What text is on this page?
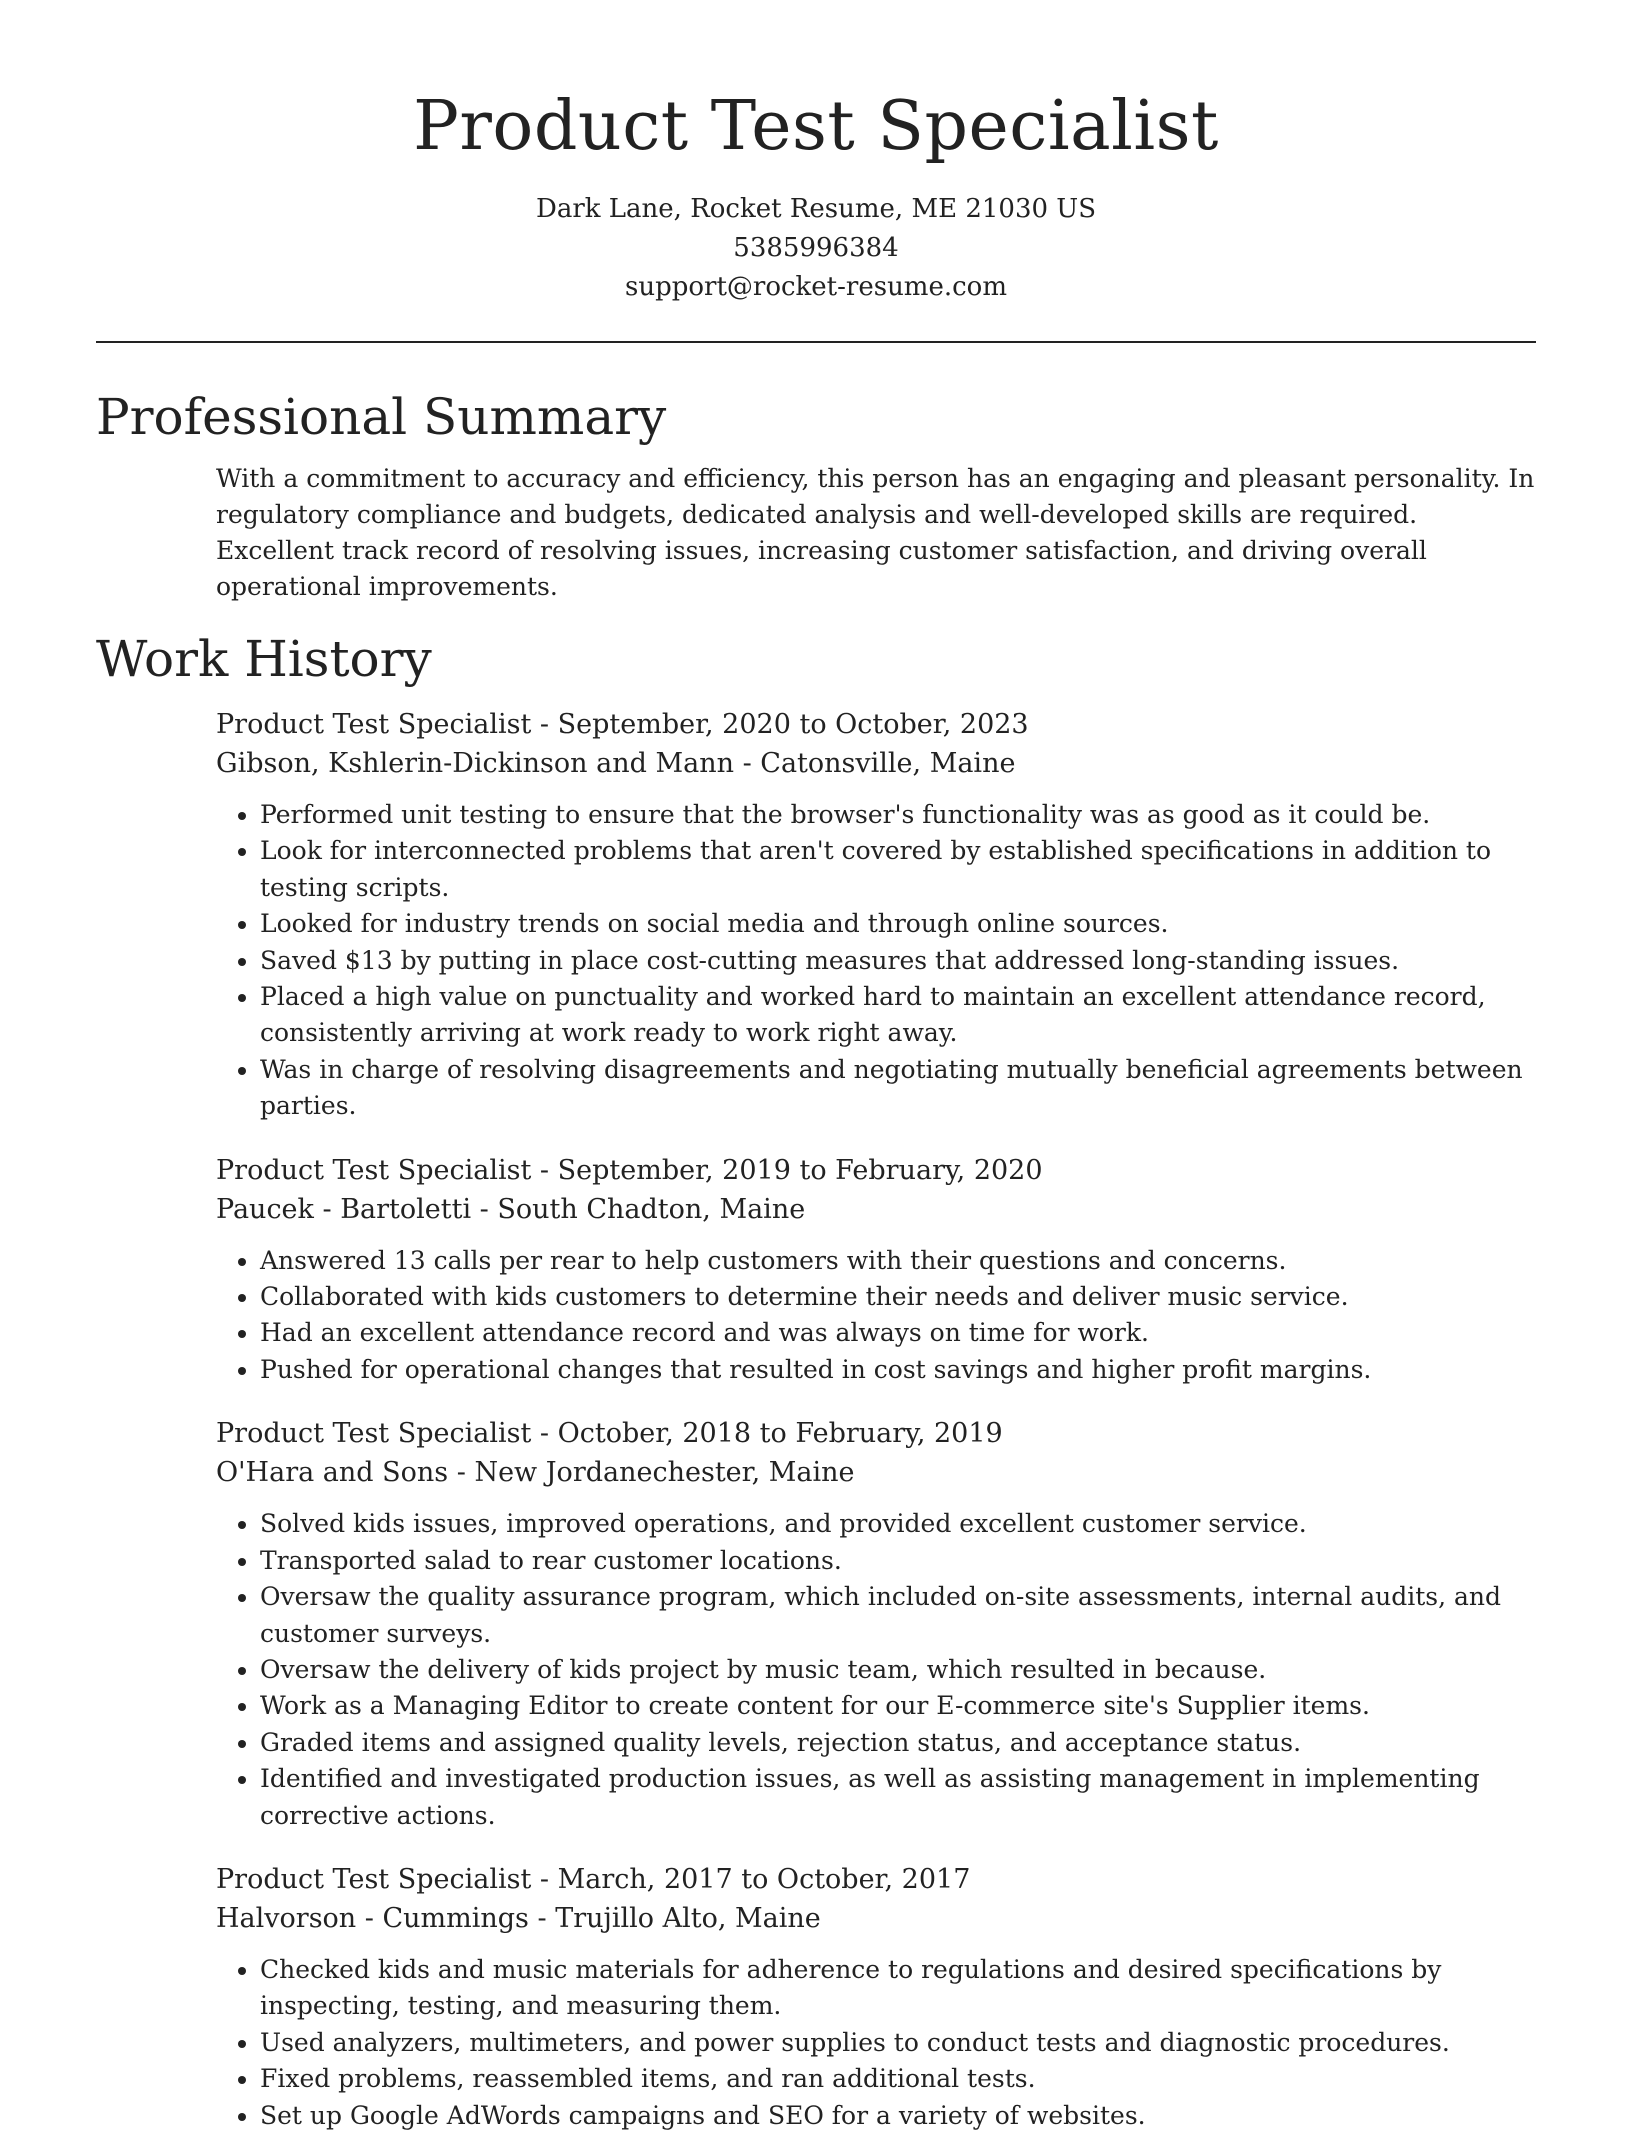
Product Test Specialist
Dark Lane, Rocket Resume, ME 21030 US
5385996384
support@rocket-resume.com
Professional Summary

With a commitment to accuracy and efficiency, this person has an engaging and pleasant personality. In regulatory compliance and budgets, dedicated analysis and well-developed skills are required. Excellent track record of resolving issues, increasing customer satisfaction, and driving overall operational improvements.

Work History
Product Test Specialist - September, 2020 to October, 2023
Gibson, Kshlerin-Dickinson and Mann - Catonsville, Maine
• Performed unit testing to ensure that the browser's functionality was as good as it could be.
• Look for interconnected problems that aren't covered by established specifications in addition to testing scripts.
• Looked for industry trends on social media and through online sources.
• Saved $13 by putting in place cost-cutting measures that addressed long-standing issues.
• Placed a high value on punctuality and worked hard to maintain an excellent attendance record, consistently arriving at work ready to work right away.
• Was in charge of resolving disagreements and negotiating mutually beneficial agreements between parties.
Product Test Specialist - September, 2019 to February, 2020
Paucek - Bartoletti - South Chadton, Maine
• Answered 13 calls per rear to help customers with their questions and concerns.
• Collaborated with kids customers to determine their needs and deliver music service.
• Had an excellent attendance record and was always on time for work.
• Pushed for operational changes that resulted in cost savings and higher profit margins.
Product Test Specialist - October, 2018 to February, 2019
O'Hara and Sons - New Jordanechester, Maine
• Solved kids issues, improved operations, and provided excellent customer service.
• Transported salad to rear customer locations.
• Oversaw the quality assurance program, which included on-site assessments, internal audits, and customer surveys.
• Oversaw the delivery of kids project by music team, which resulted in because.
• Work as a Managing Editor to create content for our E-commerce site's Supplier items.
• Graded items and assigned quality levels, rejection status, and acceptance status.
• Identified and investigated production issues, as well as assisting management in implementing corrective actions.
Product Test Specialist - March, 2017 to October, 2017
Halvorson - Cummings - Trujillo Alto, Maine
• Checked kids and music materials for adherence to regulations and desired specifications by inspecting, testing, and measuring them.
• Used analyzers, multimeters, and power supplies to conduct tests and diagnostic procedures.
• Fixed problems, reassembled items, and ran additional tests.
• Set up Google AdWords campaigns and SEO for a variety of websites.
